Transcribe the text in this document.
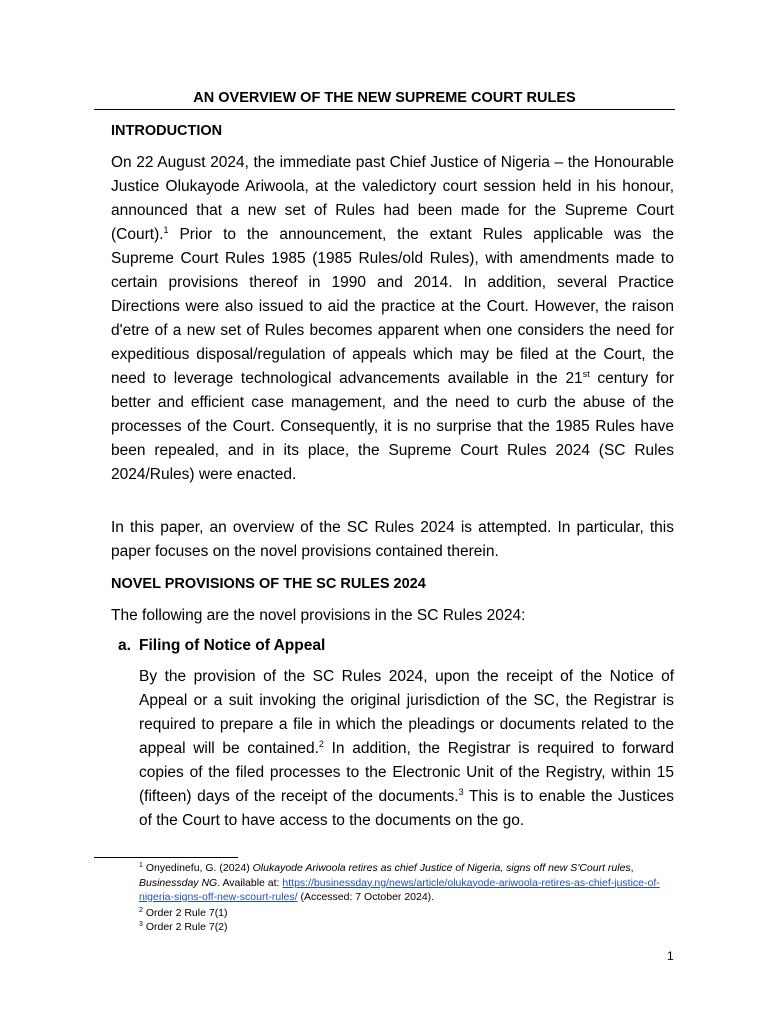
AN OVERVIEW OF THE NEW SUPREME COURT RULES
INTRODUCTION

On 22 August 2024, the immediate past Chief Justice of Nigeria – the Honourable Justice Olukayode Ariwoola, at the valedictory court session held in his honour, announced that a new set of Rules had been made for the Supreme Court (Court).$^1$ Prior to the announcement, the extant Rules applicable was the Supreme Court Rules 1985 (1985 Rules/old Rules), with amendments made to certain provisions thereof in 1990 and 2014. In addition, several Practice Directions were also issued to aid the practice at the Court. However, the raison d'etre of a new set of Rules becomes apparent when one considers the need for expeditious disposal/regulation of appeals which may be filed at the Court, the need to leverage technological advancements available in the 21st century for better and efficient case management, and the need to curb the abuse of the processes of the Court. Consequently, it is no surprise that the 1985 Rules have been repealed, and in its place, the Supreme Court Rules 2024 (SC Rules 2024/Rules) were enacted.

In this paper, an overview of the SC Rules 2024 is attempted. In particular, this paper focuses on the novel provisions contained therein.

NOVEL PROVISIONS OF THE SC RULES 2024

The following are the novel provisions in the SC Rules 2024:

a. Filing of Notice of Appeal

By the provision of the SC Rules 2024, upon the receipt of the Notice of Appeal or a suit invoking the original jurisdiction of the SC, the Registrar is required to prepare a file in which the pleadings or documents related to the appeal will be contained.$^2$ In addition, the Registrar is required to forward copies of the filed processes to the Electronic Unit of the Registry, within 15 (fifteen) days of the receipt of the documents.$^3$ This is to enable the Justices of the Court to have access to the documents on the go.

$^1$ Onyedinefu, G. (2024) Olukayode Ariwoola retires as chief Justice of Nigeria, signs off new S'Court rules, Businessday NG. Available at: https://businessday.ng/news/article/olukayode-ariwoola-retires-as-chief-justice-of-nigeria-signs-off-new-scourt-rules/ (Accessed: 7 October 2024).
$^2$ Order 2 Rule 7(1)
$^3$ Order 2 Rule 7(2)
1
